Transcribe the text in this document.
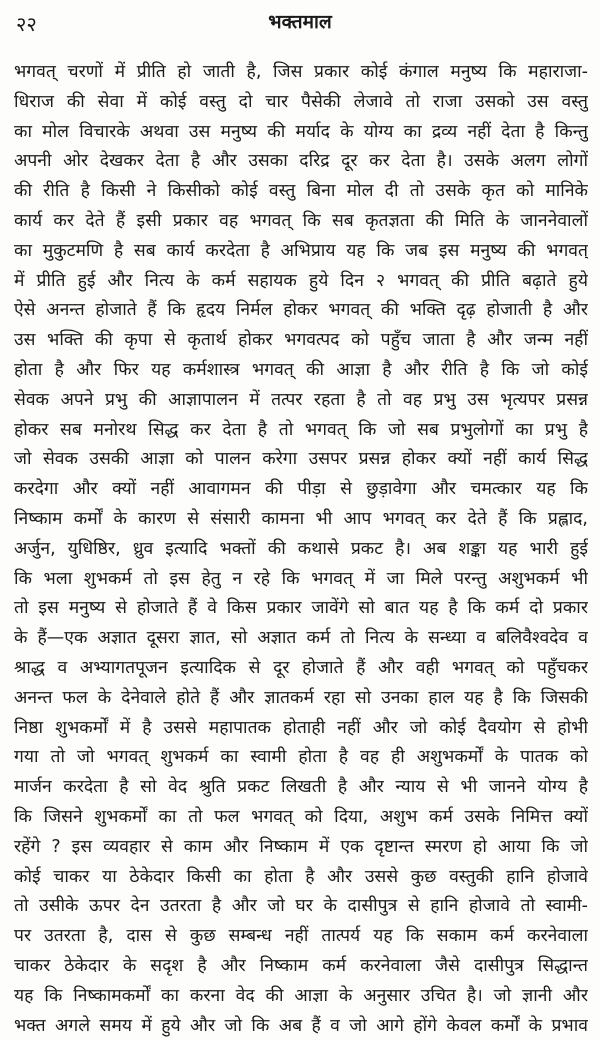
२२	भक्तमाल
भगवत् चरणों में प्रीति हो जाती है, जिस प्रकार कोई कंगाल मनुष्य कि महाराजा-
धिराज की सेवा में कोई वस्तु दो चार पैसेकी लेजावे तो राजा उसको उस वस्तु
का मोल विचारके अथवा उस मनुष्य की मर्याद के योग्य का द्रव्य नहीं देता है किन्तु
अपनी ओर देखकर देता है और उसका दरिद्र दूर कर देता है। उसके अलग लोगों
की रीति है किसी ने किसीको कोई वस्तु बिना मोल दी तो उसके कृत को मानिके
कार्य कर देते हैं इसी प्रकार वह भगवत् कि सब कृतज्ञता की मिति के जाननेवालों
का मुकुटमणि है सब कार्य करदेता है अभिप्राय यह कि जब इस मनुष्य की भगवत्
में प्रीति हुई और नित्य के कर्म सहायक हुये दिन २ भगवत् की प्रीति बढ़ाते हुये
ऐसे अनन्त होजाते हैं कि हृदय निर्मल होकर भगवत् की भक्ति दृढ़ होजाती है और
उस भक्ति की कृपा से कृतार्थ होकर भगवत्पद को पहुँच जाता है और जन्म नहीं
होता है और फिर यह कर्मशास्त्र भगवत् की आज्ञा है और रीति है कि जो कोई
सेवक अपने प्रभु की आज्ञापालन में तत्पर रहता है तो वह प्रभु उस भृत्यपर प्रसन्न
होकर सब मनोरथ सिद्ध कर देता है तो भगवत् कि जो सब प्रभुलोगों का प्रभु है
जो सेवक उसकी आज्ञा को पालन करेगा उसपर प्रसन्न होकर क्यों नहीं कार्य सिद्ध
करदेगा और क्यों नहीं आवागमन की पीड़ा से छुड़ावेगा और चमत्कार यह कि
निष्काम कर्मों के कारण से संसारी कामना भी आप भगवत् कर देते हैं कि प्रह्लाद,
अर्जुन, युधिष्ठिर, ध्रुव इत्यादि भक्तों की कथासे प्रकट है। अब शङ्का यह भारी हुई
कि भला शुभकर्म तो इस हेतु न रहे कि भगवत् में जा मिले परन्तु अशुभकर्म भी
तो इस मनुष्य से होजाते हैं वे किस प्रकार जावेंगे सो बात यह है कि कर्म दो प्रकार
के हैं—एक अज्ञात दूसरा ज्ञात, सो अज्ञात कर्म तो नित्य के सन्ध्या व बलिवैश्वदेव व
श्राद्ध व अभ्यागतपूजन इत्यादिक से दूर होजाते हैं और वही भगवत् को पहुँचकर
अनन्त फल के देनेवाले होते हैं और ज्ञातकर्म रहा सो उनका हाल यह है कि जिसकी
निष्ठा शुभकर्मों में है उससे महापातक होताही नहीं और जो कोई दैवयोग से होभी
गया तो जो भगवत् शुभकर्म का स्वामी होता है वह ही अशुभकर्मों के पातक को
मार्जन करदेता है सो वेद श्रुति प्रकट लिखती है और न्याय से भी जानने योग्य है
कि जिसने शुभकर्मों का तो फल भगवत् को दिया, अशुभ कर्म उसके निमित्त क्यों
रहेंगे ? इस व्यवहार से काम और निष्काम में एक दृष्टान्त स्मरण हो आया कि जो
कोई चाकर या ठेकेदार किसी का होता है और उससे कुछ वस्तुकी हानि होजावे
तो उसीके ऊपर देन उतरता है और जो घर के दासीपुत्र से हानि होजावे तो स्वामी-
पर उतरता है, दास से कुछ सम्बन्ध नहीं तात्पर्य यह कि सकाम कर्म करनेवाला
चाकर ठेकेदार के सदृश है और निष्काम कर्म करनेवाला जैसे दासीपुत्र सिद्धान्त
यह कि निष्कामकर्मों का करना वेद की आज्ञा के अनुसार उचित है। जो ज्ञानी और
भक्त अगले समय में हुये और जो कि अब हैं व जो आगे होंगे केवल कर्मों के प्रभाव
